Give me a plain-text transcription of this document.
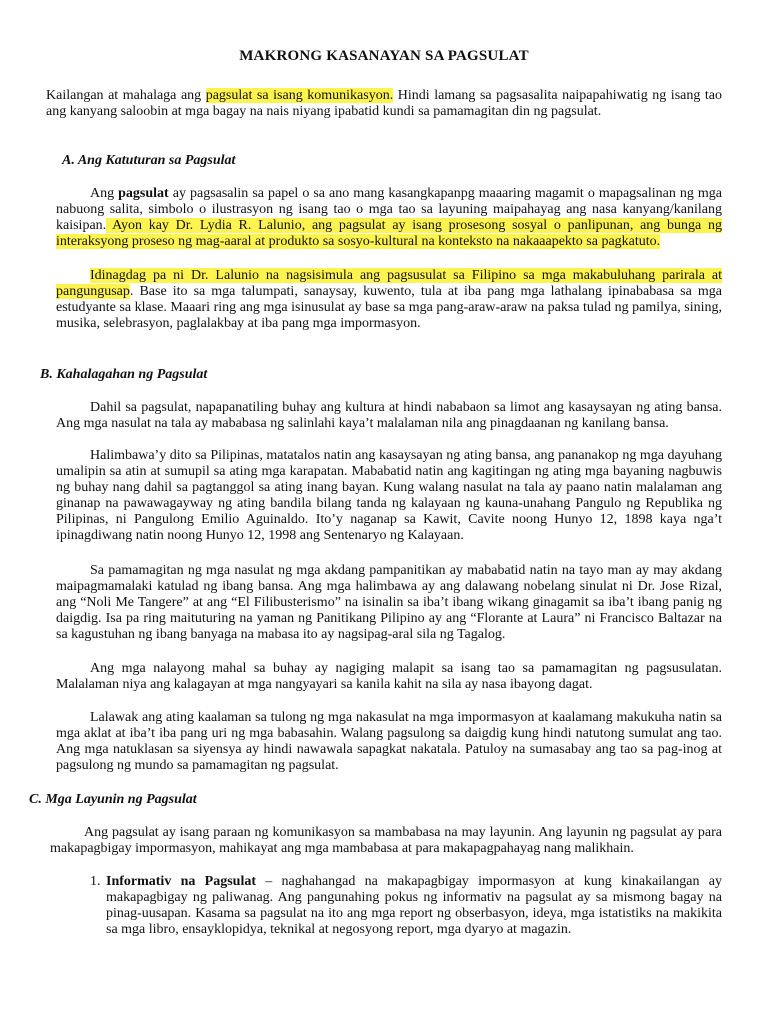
MAKRONG KASANAYAN SA PAGSULAT
Kailangan at mahalaga ang pagsulat sa isang komunikasyon. Hindi lamang sa pagsasalita naipapahiwatig ng isang tao ang kanyang saloobin at mga bagay na nais niyang ipabatid kundi sa pamamagitan din ng pagsulat.
A. Ang Katuturan sa Pagsulat
Ang pagsulat ay pagsasalin sa papel o sa ano mang kasangkapanpg maaaring magamit o mapagsalinan ng mga nabuong salita, simbolo o ilustrasyon ng isang tao o mga tao sa layuning maipahayag ang nasa kanyang/kanilang kaisipan. Ayon kay Dr. Lydia R. Lalunio, ang pagsulat ay isang prosesong sosyal o panlipunan, ang bunga ng interaksyong proseso ng mag-aaral at produkto sa sosyo-kultural na konteksto na nakaaapekto sa pagkatuto.
Idinagdag pa ni Dr. Lalunio na nagsisimula ang pagsusulat sa Filipino sa mga makabuluhang parirala at pangungusap. Base ito sa mga talumpati, sanaysay, kuwento, tula at iba pang mga lathalang ipinababasa sa mga estudyante sa klase. Maaari ring ang mga isinusulat ay base sa mga pang-araw-araw na paksa tulad ng pamilya, sining, musika, selebrasyon, paglalakbay at iba pang mga impormasyon.
B. Kahalagahan ng Pagsulat
Dahil sa pagsulat, napapanatiling buhay ang kultura at hindi nababaon sa limot ang kasaysayan ng ating bansa. Ang mga nasulat na tala ay mababasa ng salinlahi kaya’t malalaman nila ang pinagdaanan ng kanilang bansa.
Halimbawa’y dito sa Pilipinas, matatalos natin ang kasaysayan ng ating bansa, ang pananakop ng mga dayuhang umalipin sa atin at sumupil sa ating mga karapatan. Mababatid natin ang kagitingan ng ating mga bayaning nagbuwis ng buhay nang dahil sa pagtanggol sa ating inang bayan. Kung walang nasulat na tala ay paano natin malalaman ang ginanap na pawawagayway ng ating bandila bilang tanda ng kalayaan ng kauna-unahang Pangulo ng Republika ng Pilipinas, ni Pangulong Emilio Aguinaldo. Ito’y naganap sa Kawit, Cavite noong Hunyo 12, 1898 kaya nga’t ipinagdiwang natin noong Hunyo 12, 1998 ang Sentenaryo ng Kalayaan.
Sa pamamagitan ng mga nasulat ng mga akdang pampanitikan ay mababatid natin na tayo man ay may akdang maipagmamalaki katulad ng ibang bansa. Ang mga halimbawa ay ang dalawang nobelang sinulat ni Dr. Jose Rizal, ang “Noli Me Tangere” at ang “El Filibusterismo” na isinalin sa iba’t ibang wikang ginagamit sa iba’t ibang panig ng daigdig. Isa pa ring maituturing na yaman ng Panitikang Pilipino ay ang “Florante at Laura” ni Francisco Baltazar na sa kagustuhan ng ibang banyaga na mabasa ito ay nagsipag-aral sila ng Tagalog.
Ang mga nalayong mahal sa buhay ay nagiging malapit sa isang tao sa pamamagitan ng pagsusulatan. Malalaman niya ang kalagayan at mga nangyayari sa kanila kahit na sila ay nasa ibayong dagat.
Lalawak ang ating kaalaman sa tulong ng mga nakasulat na mga impormasyon at kaalamang makukuha natin sa mga aklat at iba’t iba pang uri ng mga babasahin. Walang pagsulong sa daigdig kung hindi natutong sumulat ang tao. Ang mga natuklasan sa siyensya ay hindi nawawala sapagkat nakatala. Patuloy na sumasabay ang tao sa pag-inog at pagsulong ng mundo sa pamamagitan ng pagsulat.
C. Mga Layunin ng Pagsulat
Ang pagsulat ay isang paraan ng komunikasyon sa mambabasa na may layunin. Ang layunin ng pagsulat ay para makapagbigay impormasyon, mahikayat ang mga mambabasa at para makapagpahayag nang malikhain.
1. Informativ na Pagsulat – naghahangad na makapagbigay impormasyon at kung kinakailangan ay makapagbigay ng paliwanag. Ang pangunahing pokus ng informativ na pagsulat ay sa mismong bagay na pinag-uusapan. Kasama sa pagsulat na ito ang mga report ng obserbasyon, ideya, mga istatistiks na makikita sa mga libro, ensayklopidya, teknikal at negosyong report, mga dyaryo at magazin.
